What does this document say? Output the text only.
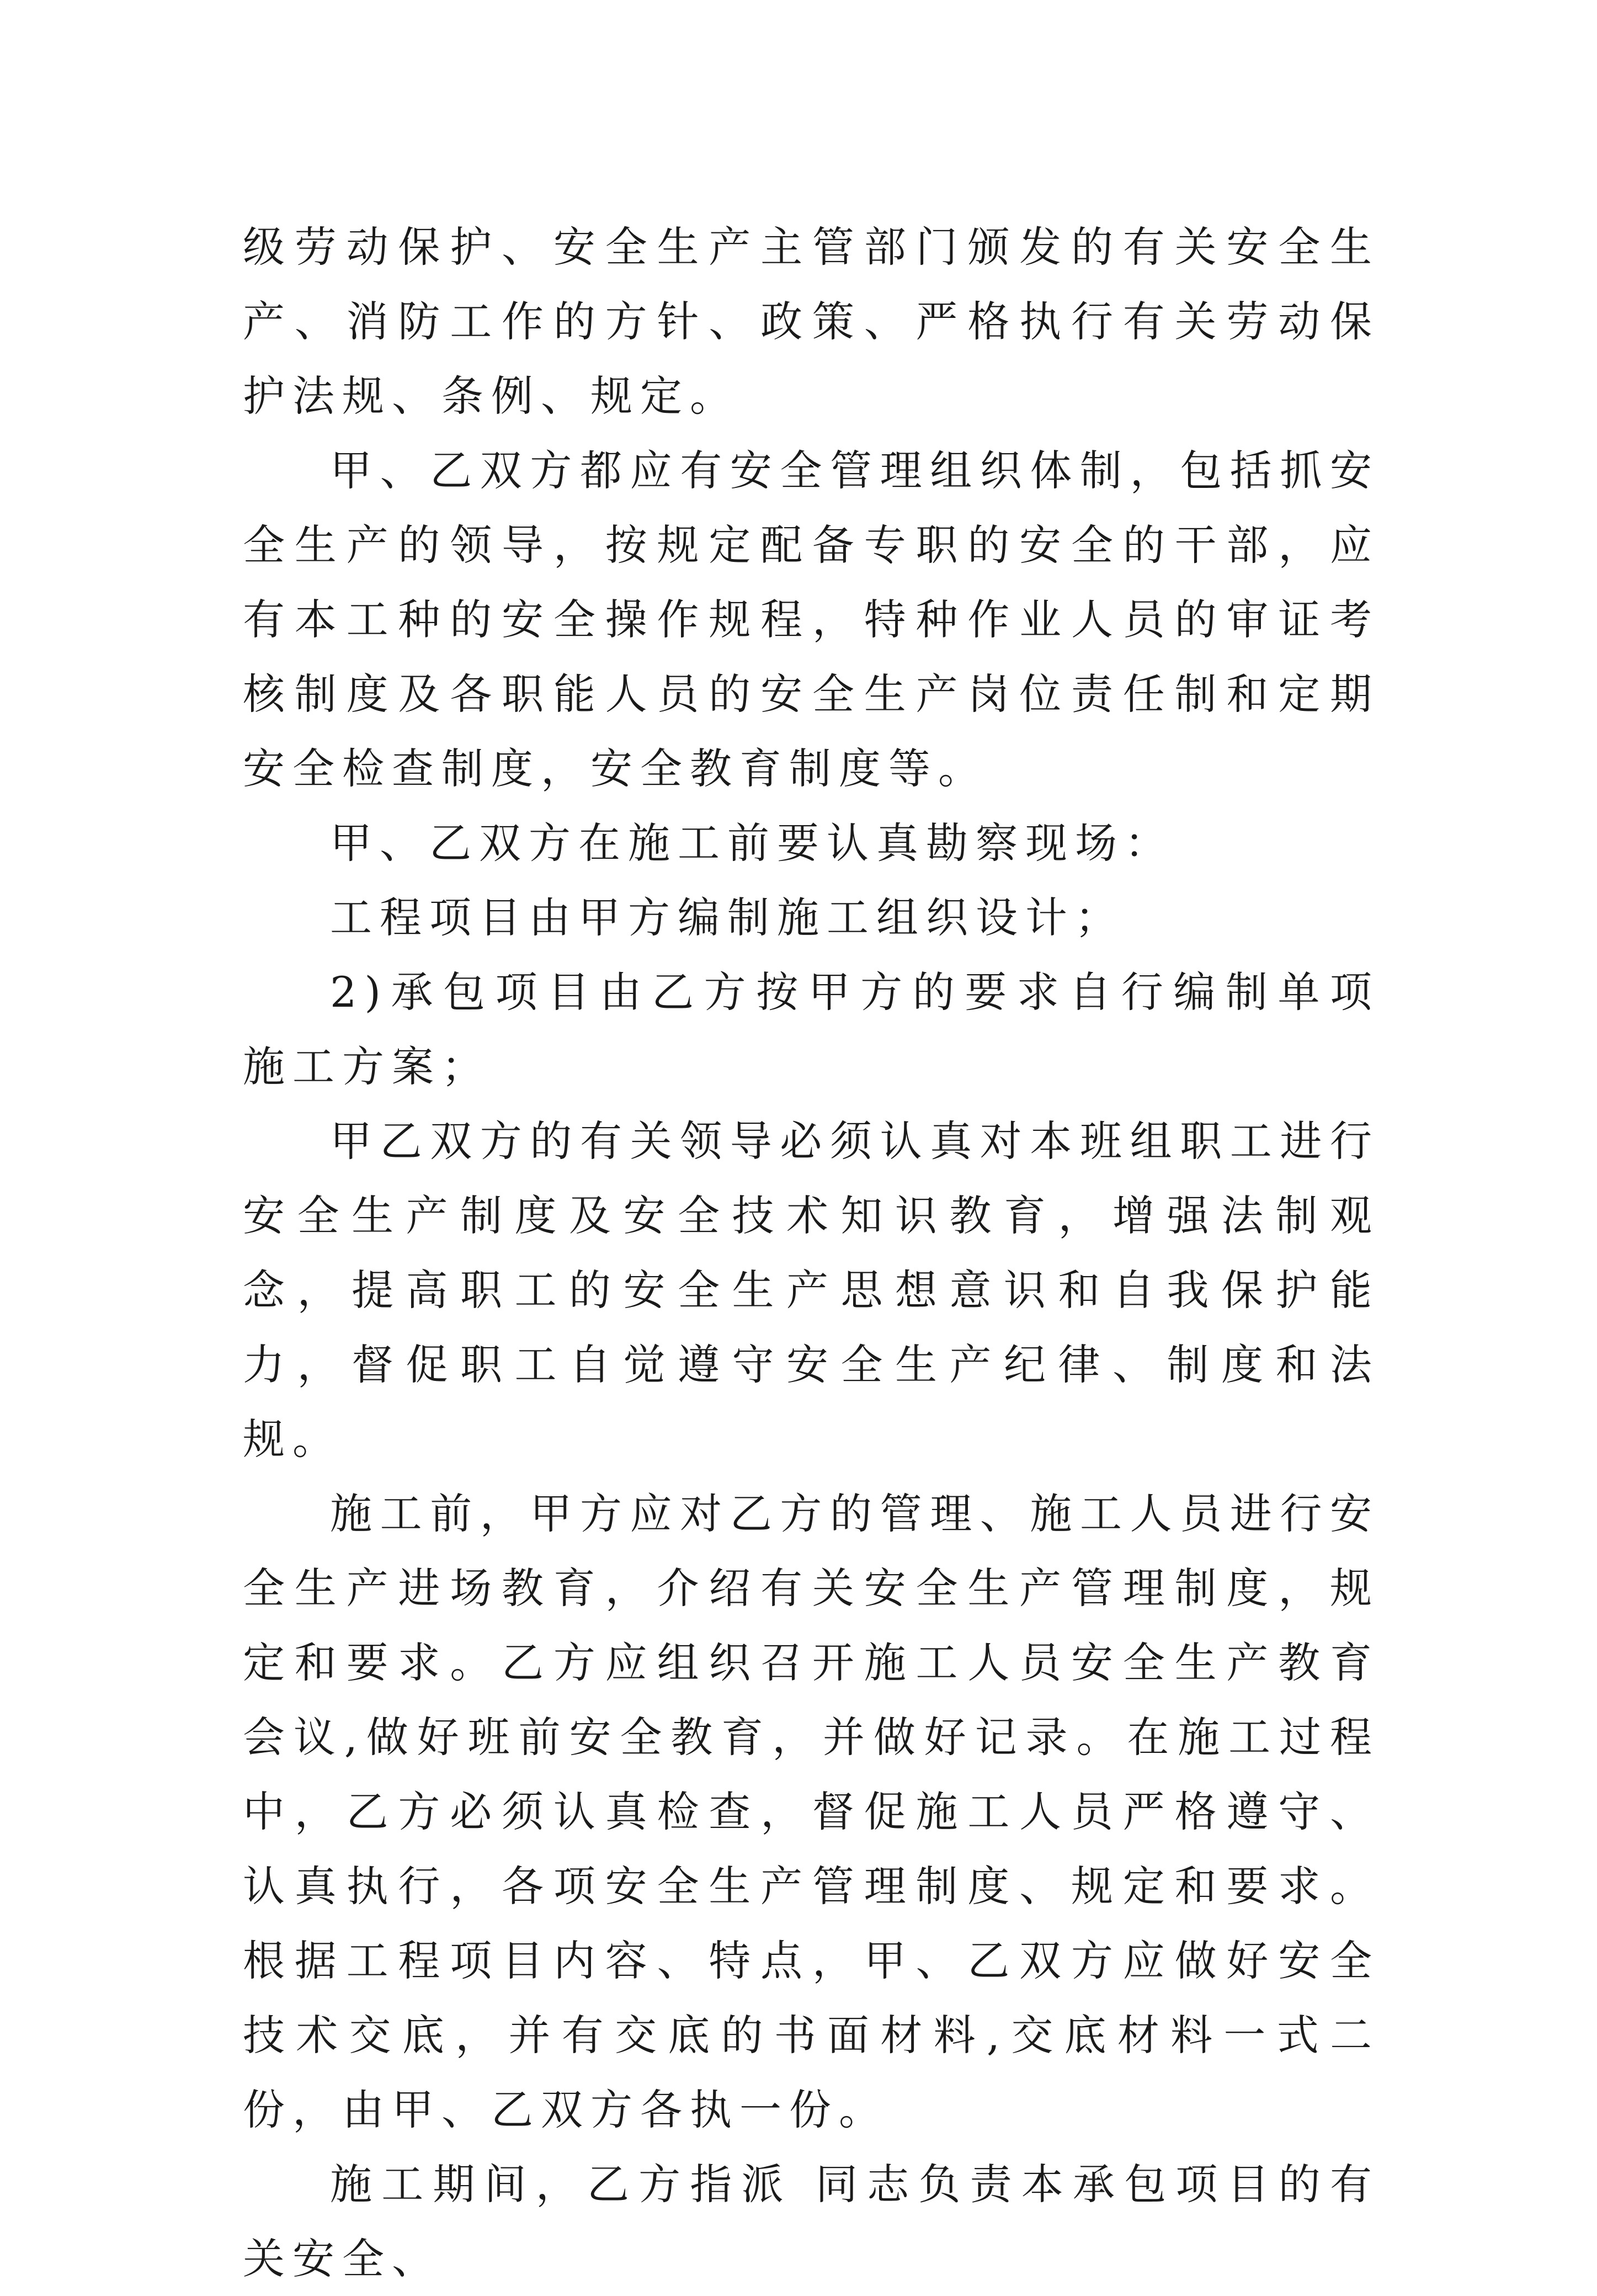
级劳动保护、安全生产主管部门颁发的有关安全生产、消防工作的方针、政策、严格执行有关劳动保护法规、条例、规定。

甲、乙双方都应有安全管理组织体制，包括抓安全生产的领导，按规定配备专职的安全的干部，应有本工种的安全操作规程，特种作业人员的审证考核制度及各职能人员的安全生产岗位责任制和定期安全检查制度，安全教育制度等。

甲、乙双方在施工前要认真勘察现场：

工程项目由甲方编制施工组织设计；

2)承包项目由乙方按甲方的要求自行编制单项施工方案；

甲乙双方的有关领导必须认真对本班组职工进行安全生产制度及安全技术知识教育，增强法制观念，提高职工的安全生产思想意识和自我保护能力，督促职工自觉遵守安全生产纪律、制度和法规。

施工前，甲方应对乙方的管理、施工人员进行安全生产进场教育，介绍有关安全生产管理制度，规定和要求。乙方应组织召开施工人员安全生产教育会议,做好班前安全教育，并做好记录。在施工过程中，乙方必须认真检查，督促施工人员严格遵守、认真执行，各项安全生产管理制度、规定和要求。根据工程项目内容、特点，甲、乙双方应做好安全技术交底，并有交底的书面材料,交底材料一式二份，由甲、乙双方各执一份。

施工期间，乙方指派 同志负责本承包项目的有关安全、
